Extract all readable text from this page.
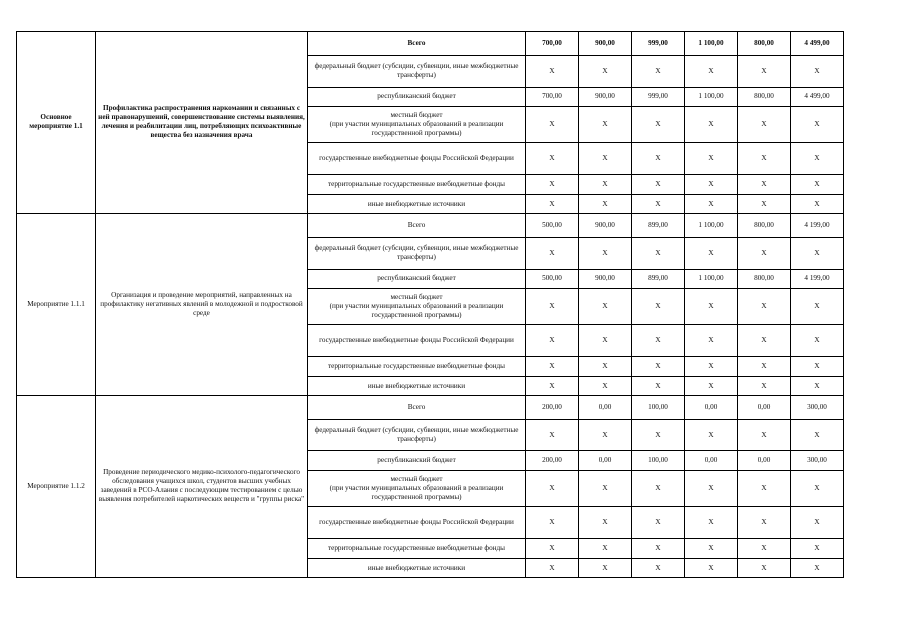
Основное мероприятие 1.1	Профилактика распространения наркомании и связанных с ней правонарушений, совершенствование системы выявления, лечения и реабилитации лиц, потребляющих психоактивные вещества без назначения врача	Всего	700,00	900,00	999,00	1 100,00	800,00	4 499,00
		федеральный бюджет (субсидии, субвенции, иные межбюджетные трансферты)	X	X	X	X	X	X
		республиканский бюджет	700,00	900,00	999,00	1 100,00	800,00	4 499,00
		местный бюджет
(при участии муниципальных образований в реализации государственной программы)	X	X	X	X	X	X
		государственные внебюджетные фонды Российской Федерации	X	X	X	X	X	X
		территориальные государственные внебюджетные фонды	X	X	X	X	X	X
		иные внебюджетные источники	X	X	X	X	X	X
Мероприятие 1.1.1	Организация и проведение мероприятий, направленных на профилактику негативных явлений в молодежной и подростковой среде	Всего	500,00	900,00	899,00	1 100,00	800,00	4 199,00
		федеральный бюджет (субсидии, субвенции, иные межбюджетные трансферты)	X	X	X	X	X	X
		республиканский бюджет	500,00	900,00	899,00	1 100,00	800,00	4 199,00
		местный бюджет
(при участии муниципальных образований в реализации государственной программы)	X	X	X	X	X	X
		государственные внебюджетные фонды Российской Федерации	X	X	X	X	X	X
		территориальные государственные внебюджетные фонды	X	X	X	X	X	X
		иные внебюджетные источники	X	X	X	X	X	X
Мероприятие 1.1.2	Проведение периодического медико-психолого-педагогического обследования учащихся школ, студентов высших учебных заведений в РСО-Алания с последующим тестированием с целью выявления потребителей наркотических веществ и "группы риска"	Всего	200,00	0,00	100,00	0,00	0,00	300,00
		федеральный бюджет (субсидии, субвенции, иные межбюджетные трансферты)	X	X	X	X	X	X
		республиканский бюджет	200,00	0,00	100,00	0,00	0,00	300,00
		местный бюджет
(при участии муниципальных образований в реализации государственной программы)	X	X	X	X	X	X
		государственные внебюджетные фонды Российской Федерации	X	X	X	X	X	X
		территориальные государственные внебюджетные фонды	X	X	X	X	X	X
		иные внебюджетные источники	X	X	X	X	X	X
